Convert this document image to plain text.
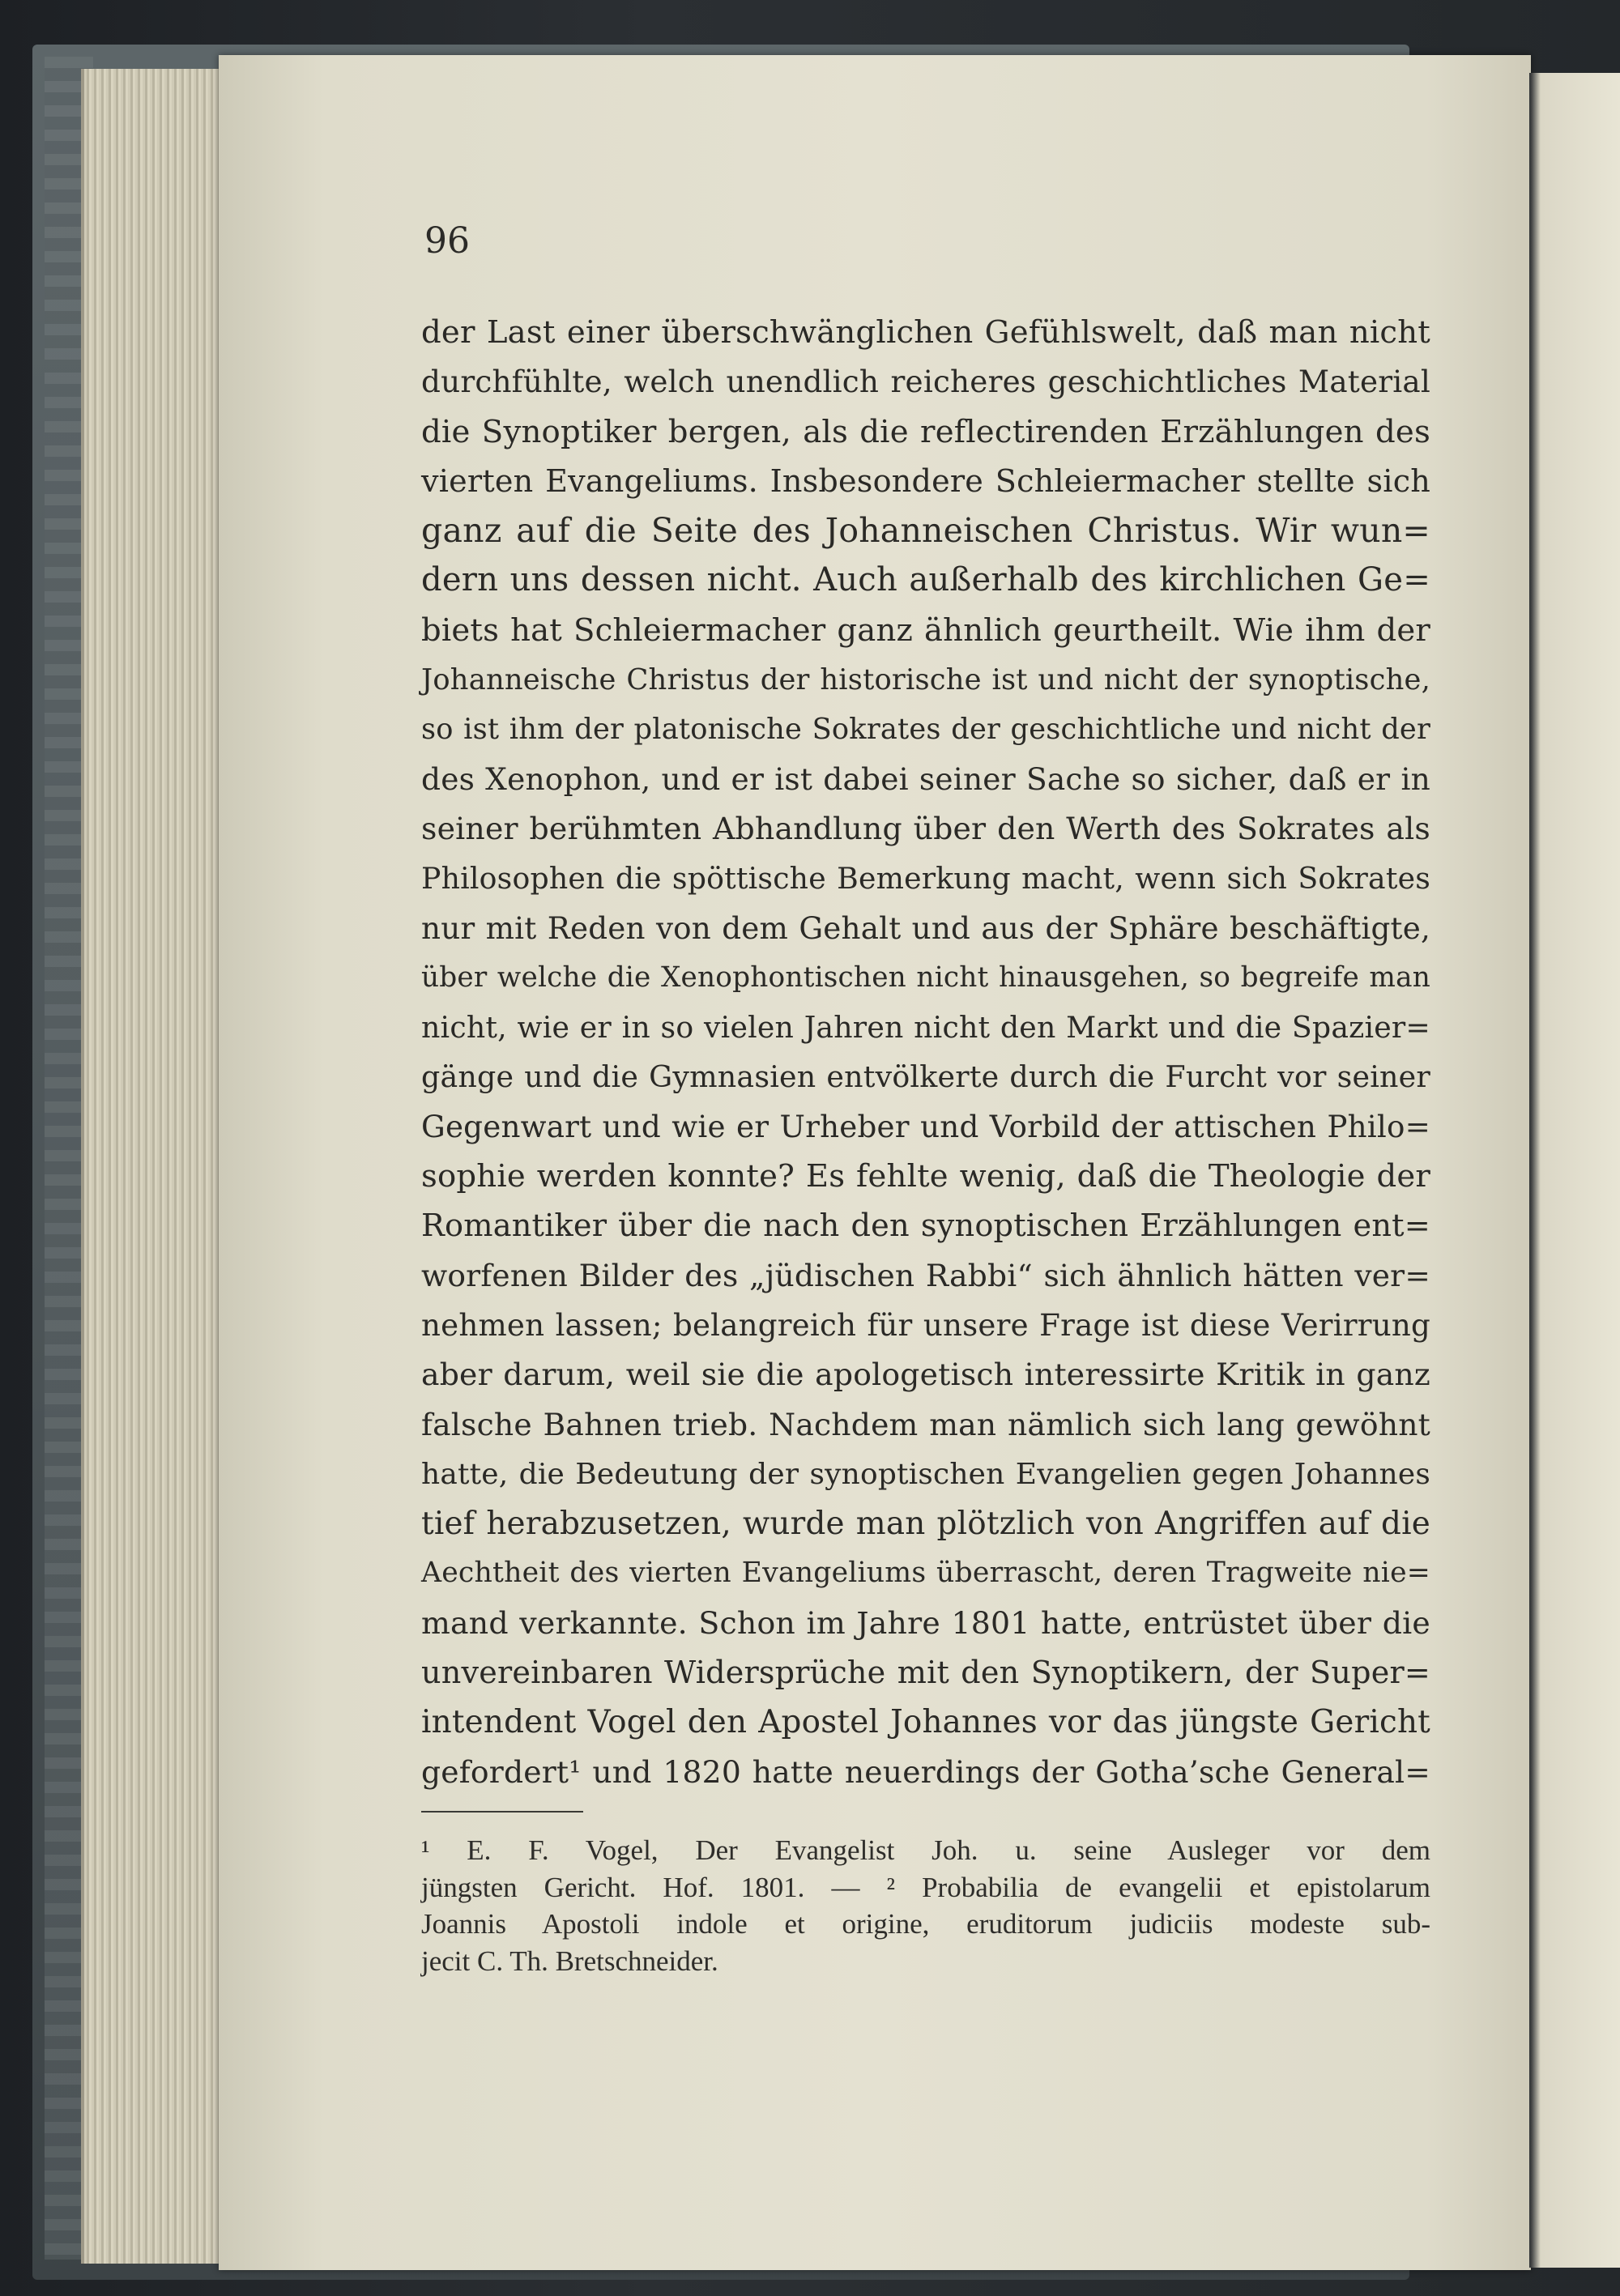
96
der Last einer überschwänglichen Gefühlswelt, daß man nicht
durchfühlte, welch unendlich reicheres geschichtliches Material
die Synoptiker bergen, als die reflectirenden Erzählungen des
vierten Evangeliums. Insbesondere Schleiermacher stellte sich
ganz auf die Seite des Johanneischen Christus. Wir wun=
dern uns dessen nicht. Auch außerhalb des kirchlichen Ge=
biets hat Schleiermacher ganz ähnlich geurtheilt. Wie ihm der
Johanneische Christus der historische ist und nicht der synoptische,
so ist ihm der platonische Sokrates der geschichtliche und nicht der
des Xenophon, und er ist dabei seiner Sache so sicher, daß er in
seiner berühmten Abhandlung über den Werth des Sokrates als
Philosophen die spöttische Bemerkung macht, wenn sich Sokrates
nur mit Reden von dem Gehalt und aus der Sphäre beschäftigte,
über welche die Xenophontischen nicht hinausgehen, so begreife man
nicht, wie er in so vielen Jahren nicht den Markt und die Spazier=
gänge und die Gymnasien entvölkerte durch die Furcht vor seiner
Gegenwart und wie er Urheber und Vorbild der attischen Philo=
sophie werden konnte? Es fehlte wenig, daß die Theologie der
Romantiker über die nach den synoptischen Erzählungen ent=
worfenen Bilder des „jüdischen Rabbi“ sich ähnlich hätten ver=
nehmen lassen; belangreich für unsere Frage ist diese Verirrung
aber darum, weil sie die apologetisch interessirte Kritik in ganz
falsche Bahnen trieb. Nachdem man nämlich sich lang gewöhnt
hatte, die Bedeutung der synoptischen Evangelien gegen Johannes
tief herabzusetzen, wurde man plötzlich von Angriffen auf die
Aechtheit des vierten Evangeliums überrascht, deren Tragweite nie=
mand verkannte. Schon im Jahre 1801 hatte, entrüstet über die
unvereinbaren Widersprüche mit den Synoptikern, der Super=
intendent Vogel den Apostel Johannes vor das jüngste Gericht
gefordert¹ und 1820 hatte neuerdings der Gotha’sche General=
¹ E. F. Vogel, Der Evangelist Joh. u. seine Ausleger vor dem
jüngsten Gericht. Hof. 1801. — ² Probabilia de evangelii et epistolarum
Joannis Apostoli indole et origine, eruditorum judiciis modeste sub-
jecit C. Th. Bretschneider.
